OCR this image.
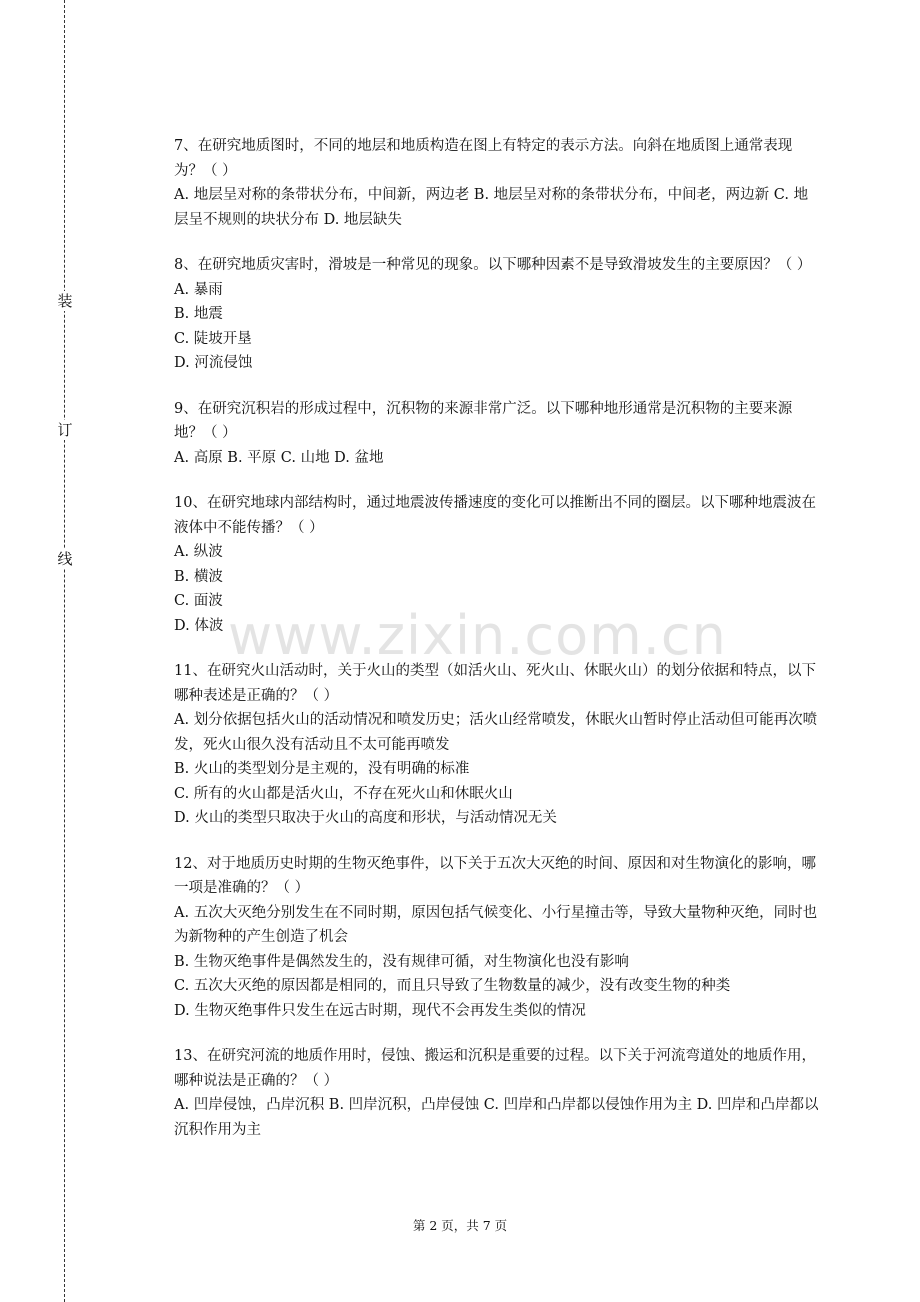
装
订
线

7、在研究地质图时，不同的地层和地质构造在图上有特定的表示方法。向斜在地质图上通常表现为？（ ）

A. 地层呈对称的条带状分布，中间新，两边老 B. 地层呈对称的条带状分布，中间老，两边新 C. 地层呈不规则的块状分布 D. 地层缺失

8、在研究地质灾害时，滑坡是一种常见的现象。以下哪种因素不是导致滑坡发生的主要原因？（ ）

A. 暴雨
B. 地震
C. 陡坡开垦
D. 河流侵蚀

9、在研究沉积岩的形成过程中，沉积物的来源非常广泛。以下哪种地形通常是沉积物的主要来源地？（ ）

A. 高原 B. 平原 C. 山地 D. 盆地

10、在研究地球内部结构时，通过地震波传播速度的变化可以推断出不同的圈层。以下哪种地震波在液体中不能传播？（ ）

A. 纵波
B. 横波
C. 面波
D. 体波

11、在研究火山活动时，关于火山的类型（如活火山、死火山、休眠火山）的划分依据和特点，以下哪种表述是正确的？（ ）

A. 划分依据包括火山的活动情况和喷发历史；活火山经常喷发，休眠火山暂时停止活动但可能再次喷发，死火山很久没有活动且不太可能再喷发
B. 火山的类型划分是主观的，没有明确的标准
C. 所有的火山都是活火山，不存在死火山和休眠火山
D. 火山的类型只取决于火山的高度和形状，与活动情况无关

12、对于地质历史时期的生物灭绝事件，以下关于五次大灭绝的时间、原因和对生物演化的影响，哪一项是准确的？（ ）

A. 五次大灭绝分别发生在不同时期，原因包括气候变化、小行星撞击等，导致大量物种灭绝，同时也为新物种的产生创造了机会
B. 生物灭绝事件是偶然发生的，没有规律可循，对生物演化也没有影响
C. 五次大灭绝的原因都是相同的，而且只导致了生物数量的减少，没有改变生物的种类
D. 生物灭绝事件只发生在远古时期，现代不会再发生类似的情况

13、在研究河流的地质作用时，侵蚀、搬运和沉积是重要的过程。以下关于河流弯道处的地质作用，哪种说法是正确的？（ ）

A. 凹岸侵蚀，凸岸沉积 B. 凹岸沉积，凸岸侵蚀 C. 凹岸和凸岸都以侵蚀作用为主 D. 凹岸和凸岸都以沉积作用为主

www.zixin.com.cn
第 2 页，共 7 页
